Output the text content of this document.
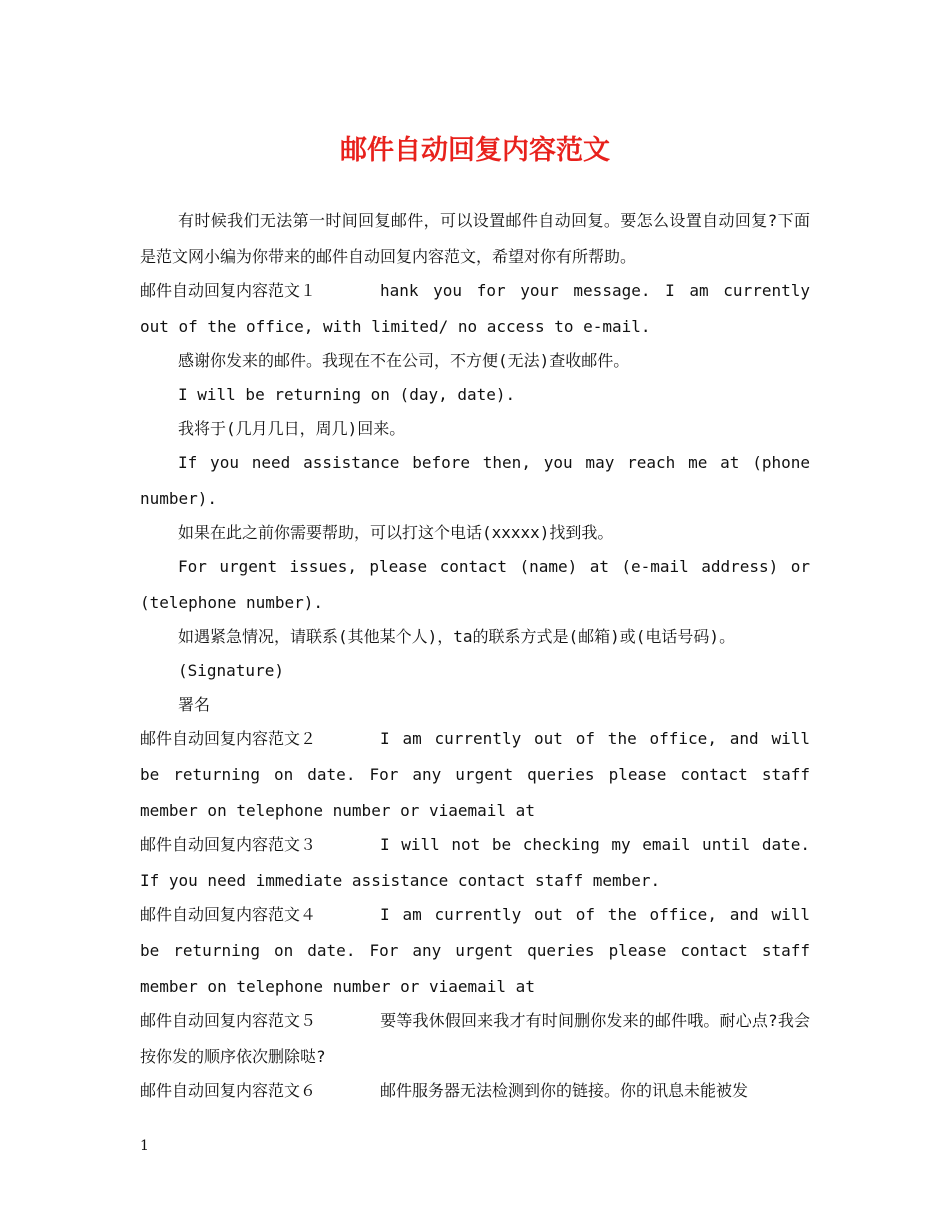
邮件自动回复内容范文

有时候我们无法第一时间回复邮件，可以设置邮件自动回复。要怎么设置自动回复?下面是范文网小编为你带来的邮件自动回复内容范文，希望对你有所帮助。

邮件自动回复内容范文１	hank you for your message. I am currently out of the office, with limited/ no access to e-mail.

感谢你发来的邮件。我现在不在公司，不方便(无法)查收邮件。

I will be returning on (day, date).

我将于(几月几日，周几)回来。

If you need assistance before then, you may reach me at (phone number).

如果在此之前你需要帮助，可以打这个电话(xxxxx)找到我。

For urgent issues, please contact (name) at (e-mail address) or (telephone number).

如遇紧急情况，请联系(其他某个人)，ta的联系方式是(邮箱)或(电话号码)。

(Signature)

署名

邮件自动回复内容范文２	I am currently out of the office, and will be returning on date. For any urgent queries please contact staff member on telephone number or viaemail at

邮件自动回复内容范文３	I will not be checking my email until date. If you need immediate assistance contact staff member.

邮件自动回复内容范文４	I am currently out of the office, and will be returning on date. For any urgent queries please contact staff member on telephone number or viaemail at

邮件自动回复内容范文５	要等我休假回来我才有时间删你发来的邮件哦。耐心点?我会按你发的顺序依次删除哒?

邮件自动回复内容范文６	邮件服务器无法检测到你的链接。你的讯息未能被发

1
